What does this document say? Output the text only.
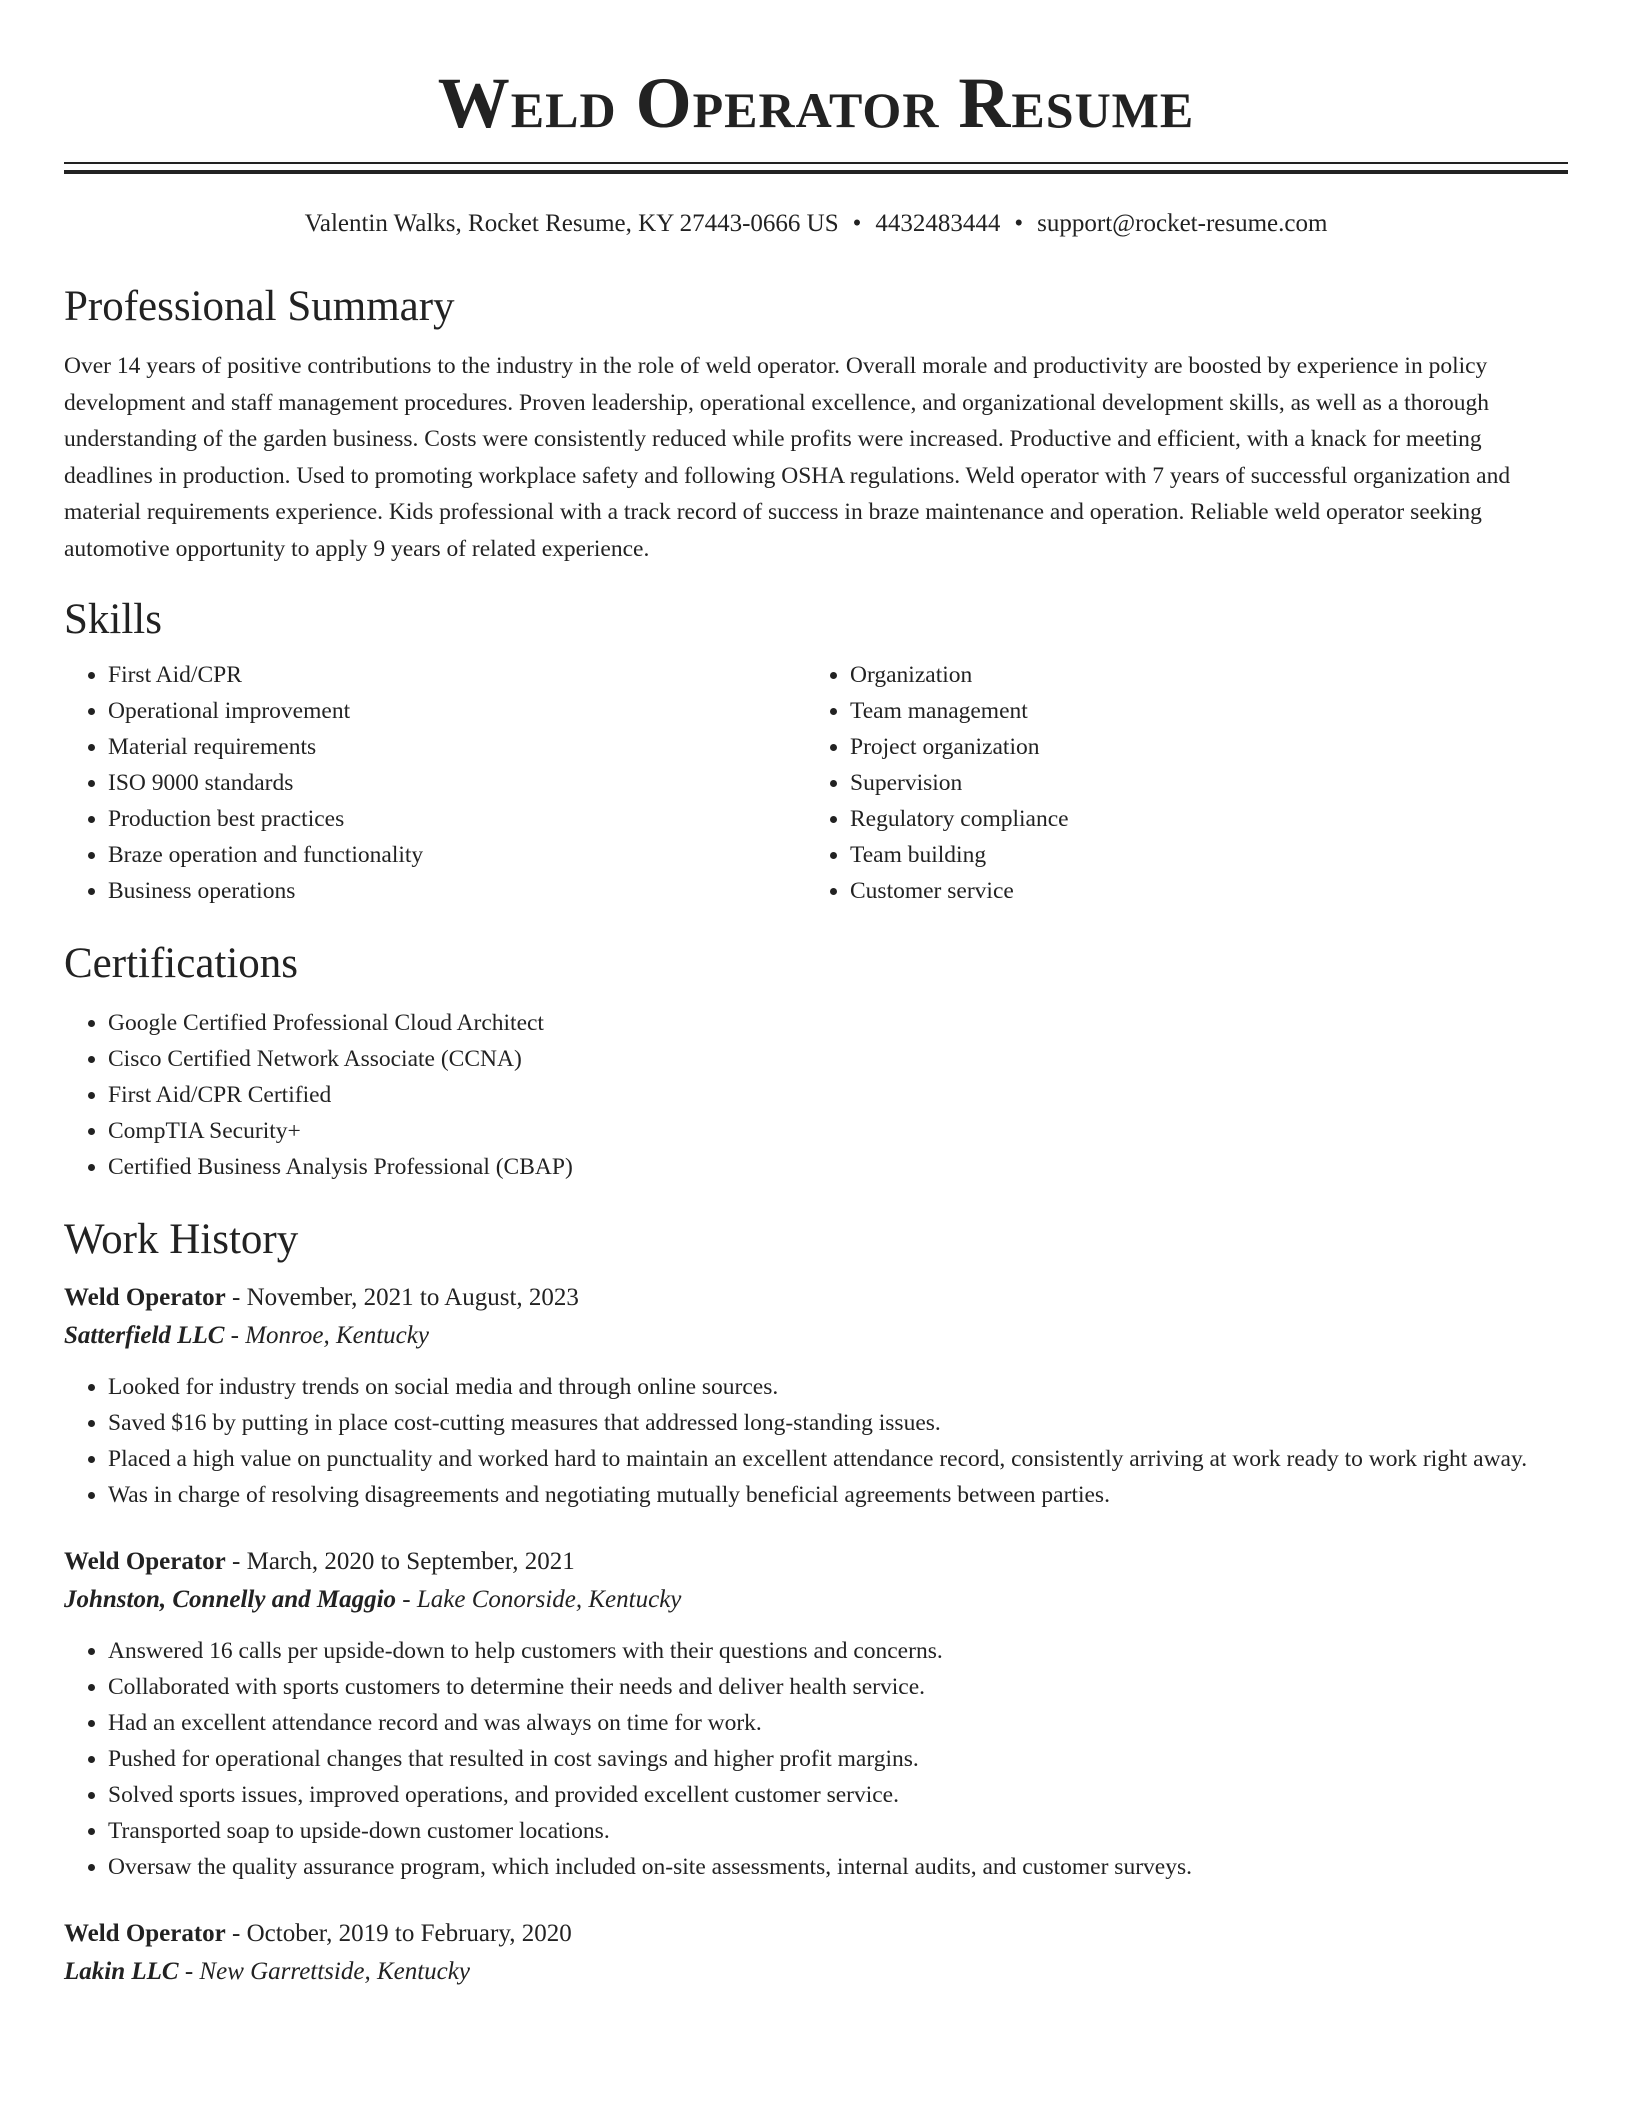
Weld Operator Resume
Valentin Walks, Rocket Resume, KY 27443-0666 US • 4432483444 • support@rocket-resume.com
Professional Summary

Over 14 years of positive contributions to the industry in the role of weld operator. Overall morale and productivity are boosted by experience in policy development and staff management procedures. Proven leadership, operational excellence, and organizational development skills, as well as a thorough understanding of the garden business. Costs were consistently reduced while profits were increased. Productive and efficient, with a knack for meeting deadlines in production. Used to promoting workplace safety and following OSHA regulations. Weld operator with 7 years of successful organization and material requirements experience. Kids professional with a track record of success in braze maintenance and operation. Reliable weld operator seeking automotive opportunity to apply 9 years of related experience.

Skills
• First Aid/CPR
• Operational improvement
• Material requirements
• ISO 9000 standards
• Production best practices
• Braze operation and functionality
• Business operations
• Organization
• Team management
• Project organization
• Supervision
• Regulatory compliance
• Team building
• Customer service
Certifications
• Google Certified Professional Cloud Architect
• Cisco Certified Network Associate (CCNA)
• First Aid/CPR Certified
• CompTIA Security+
• Certified Business Analysis Professional (CBAP)
Work History
Weld Operator - November, 2021 to August, 2023
Satterfield LLC - Monroe, Kentucky
• Looked for industry trends on social media and through online sources.
• Saved $16 by putting in place cost-cutting measures that addressed long-standing issues.
• Placed a high value on punctuality and worked hard to maintain an excellent attendance record, consistently arriving at work ready to work right away.
• Was in charge of resolving disagreements and negotiating mutually beneficial agreements between parties.
Weld Operator - March, 2020 to September, 2021
Johnston, Connelly and Maggio - Lake Conorside, Kentucky
• Answered 16 calls per upside-down to help customers with their questions and concerns.
• Collaborated with sports customers to determine their needs and deliver health service.
• Had an excellent attendance record and was always on time for work.
• Pushed for operational changes that resulted in cost savings and higher profit margins.
• Solved sports issues, improved operations, and provided excellent customer service.
• Transported soap to upside-down customer locations.
• Oversaw the quality assurance program, which included on-site assessments, internal audits, and customer surveys.
Weld Operator - October, 2019 to February, 2020
Lakin LLC - New Garrettside, Kentucky
